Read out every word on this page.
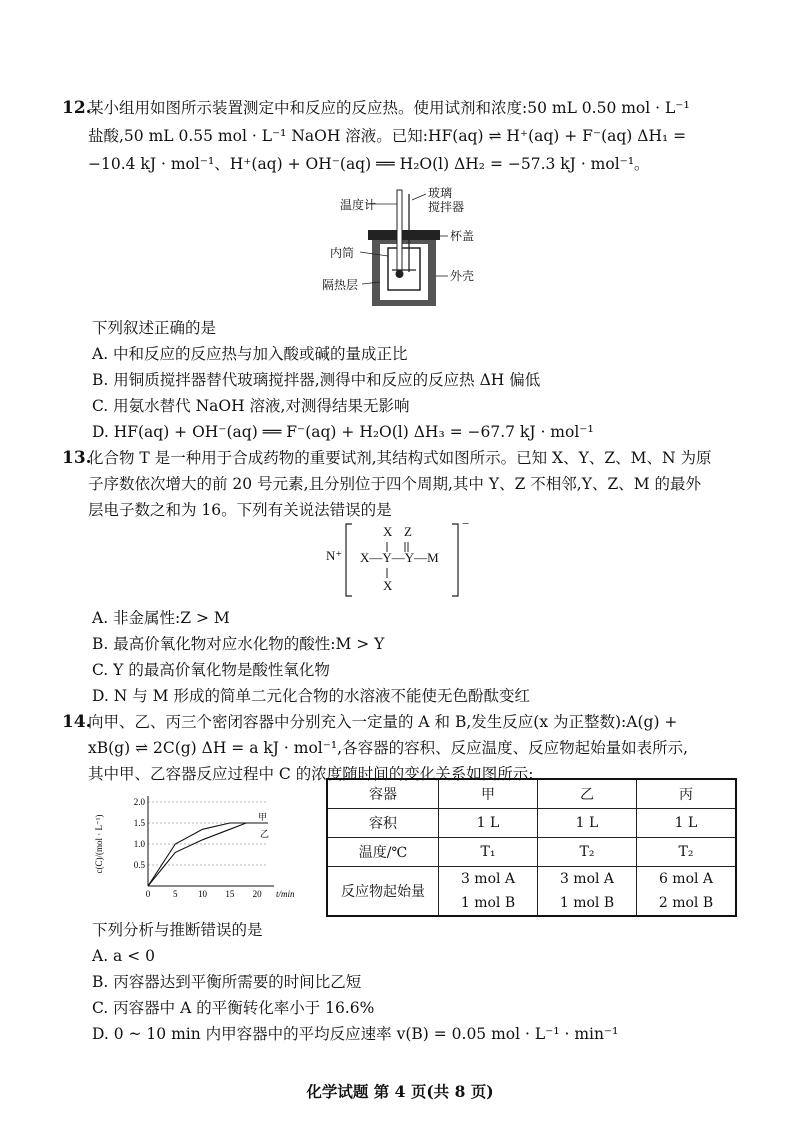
12.
某小组用如图所示装置测定中和反应的反应热。使用试剂和浓度:50 mL 0.50 mol · L⁻¹
盐酸,50 mL 0.55 mol · L⁻¹ NaOH 溶液。已知:HF(aq) ⇌ H⁺(aq) + F⁻(aq) ΔH₁ =
−10.4 kJ · mol⁻¹、H⁺(aq) + OH⁻(aq) ══ H₂O(l) ΔH₂ = −57.3 kJ · mol⁻¹。
温度计
玻璃
搅拌器
杯盖
内筒
外壳
隔热层
下列叙述正确的是
A. 中和反应的反应热与加入酸或碱的量成正比
B. 用铜质搅拌器替代玻璃搅拌器,测得中和反应的反应热 ΔH 偏低
C. 用氨水替代 NaOH 溶液,对测得结果无影响
D. HF(aq) + OH⁻(aq) ══ F⁻(aq) + H₂O(l) ΔH₃ = −67.7 kJ · mol⁻¹
13.
化合物 T 是一种用于合成药物的重要试剂,其结构式如图所示。已知 X、Y、Z、M、N 为原
子序数依次增大的前 20 号元素,且分别位于四个周期,其中 Y、Z 不相邻,Y、Z、M 的最外
层电子数之和为 16。下列有关说法错误的是
N⁺
X Z
X—Y—Y—M
X
−
A. 非金属性:Z > M
B. 最高价氧化物对应水化物的酸性:M > Y
C. Y 的最高价氧化物是酸性氧化物
D. N 与 M 形成的简单二元化合物的水溶液不能使无色酚酞变红
14.
向甲、乙、丙三个密闭容器中分别充入一定量的 A 和 B,发生反应(x 为正整数):A(g) +
xB(g) ⇌ 2C(g) ΔH = a kJ · mol⁻¹,各容器的容积、反应温度、反应物起始量如表所示,
其中甲、乙容器反应过程中 C 的浓度随时间的变化关系如图所示:
0	5 10 15 20
0.5
1.0
1.5
2.0
t/min
c(C)/(mol · L⁻¹)	甲
乙
容器	甲	乙	丙
容积	1 L	1 L	1 L
温度/℃	T₁	T₂	T₂
反应物起始量	3 mol A	3 mol A	6 mol A
	1 mol B	1 mol B	2 mol B
下列分析与推断错误的是
A. a < 0
B. 丙容器达到平衡所需要的时间比乙短
C. 丙容器中 A 的平衡转化率小于 16.6%
D. 0 ~ 10 min 内甲容器中的平均反应速率 v(B) = 0.05 mol · L⁻¹ · min⁻¹
化学试题 第 4 页(共 8 页)
